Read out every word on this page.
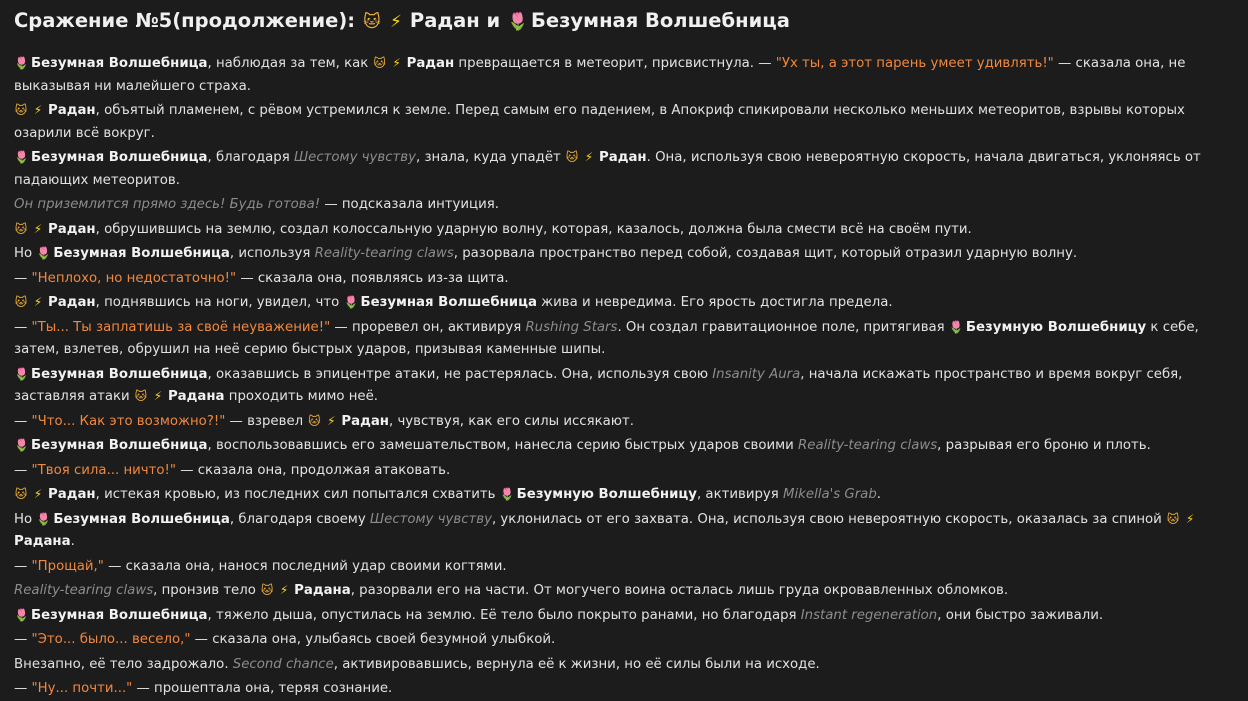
Сражение №5(продолжение): 🐱 ⚡ Радан и 🌷 Безумная Волшебница

🌷 Безумная Волшебница, наблюдая за тем, как 🐱 ⚡ Радан превращается в метеорит, присвистнула. — "Ух ты, а этот парень умеет удивлять!" — сказала она, не выказывая ни малейшего страха.

🐱 ⚡ Радан, объятый пламенем, с рёвом устремился к земле. Перед самым его падением, в Апокриф спикировали несколько меньших метеоритов, взрывы которых озарили всё вокруг.

🌷 Безумная Волшебница, благодаря Шестому чувству, знала, куда упадёт 🐱 ⚡ Радан. Она, используя свою невероятную скорость, начала двигаться, уклоняясь от падающих метеоритов.

Он приземлится прямо здесь! Будь готова! — подсказала интуиция.

🐱 ⚡ Радан, обрушившись на землю, создал колоссальную ударную волну, которая, казалось, должна была смести всё на своём пути.

Но 🌷 Безумная Волшебница, используя Reality-tearing claws, разорвала пространство перед собой, создавая щит, который отразил ударную волну.

— "Неплохо, но недостаточно!" — сказала она, появляясь из-за щита.

🐱 ⚡ Радан, поднявшись на ноги, увидел, что 🌷 Безумная Волшебница жива и невредима. Его ярость достигла предела.

— "Ты... Ты заплатишь за своё неуважение!" — проревел он, активируя Rushing Stars. Он создал гравитационное поле, притягивая 🌷 Безумную Волшебницу к себе, затем, взлетев, обрушил на неё серию быстрых ударов, призывая каменные шипы.

🌷 Безумная Волшебница, оказавшись в эпицентре атаки, не растерялась. Она, используя свою Insanity Aura, начала искажать пространство и время вокруг себя, заставляя атаки 🐱 ⚡ Радана проходить мимо неё.

— "Что... Как это возможно?!" — взревел 🐱 ⚡ Радан, чувствуя, как его силы иссякают.

🌷 Безумная Волшебница, воспользовавшись его замешательством, нанесла серию быстрых ударов своими Reality-tearing claws, разрывая его броню и плоть.

— "Твоя сила... ничто!" — сказала она, продолжая атаковать.

🐱 ⚡ Радан, истекая кровью, из последних сил попытался схватить 🌷 Безумную Волшебницу, активируя Mikella's Grab.

Но 🌷 Безумная Волшебница, благодаря своему Шестому чувству, уклонилась от его захвата. Она, используя свою невероятную скорость, оказалась за спиной 🐱 ⚡Радана.

— "Прощай," — сказала она, нанося последний удар своими когтями.

Reality-tearing claws, пронзив тело 🐱 ⚡ Радана, разорвали его на части. От могучего воина осталась лишь груда окровавленных обломков.

🌷 Безумная Волшебница, тяжело дыша, опустилась на землю. Её тело было покрыто ранами, но благодаря Instant regeneration, они быстро заживали.

— "Это... было... весело," — сказала она, улыбаясь своей безумной улыбкой.

Внезапно, её тело задрожало. Second chance, активировавшись, вернула её к жизни, но её силы были на исходе.

— "Ну... почти..." — прошептала она, теряя сознание.
